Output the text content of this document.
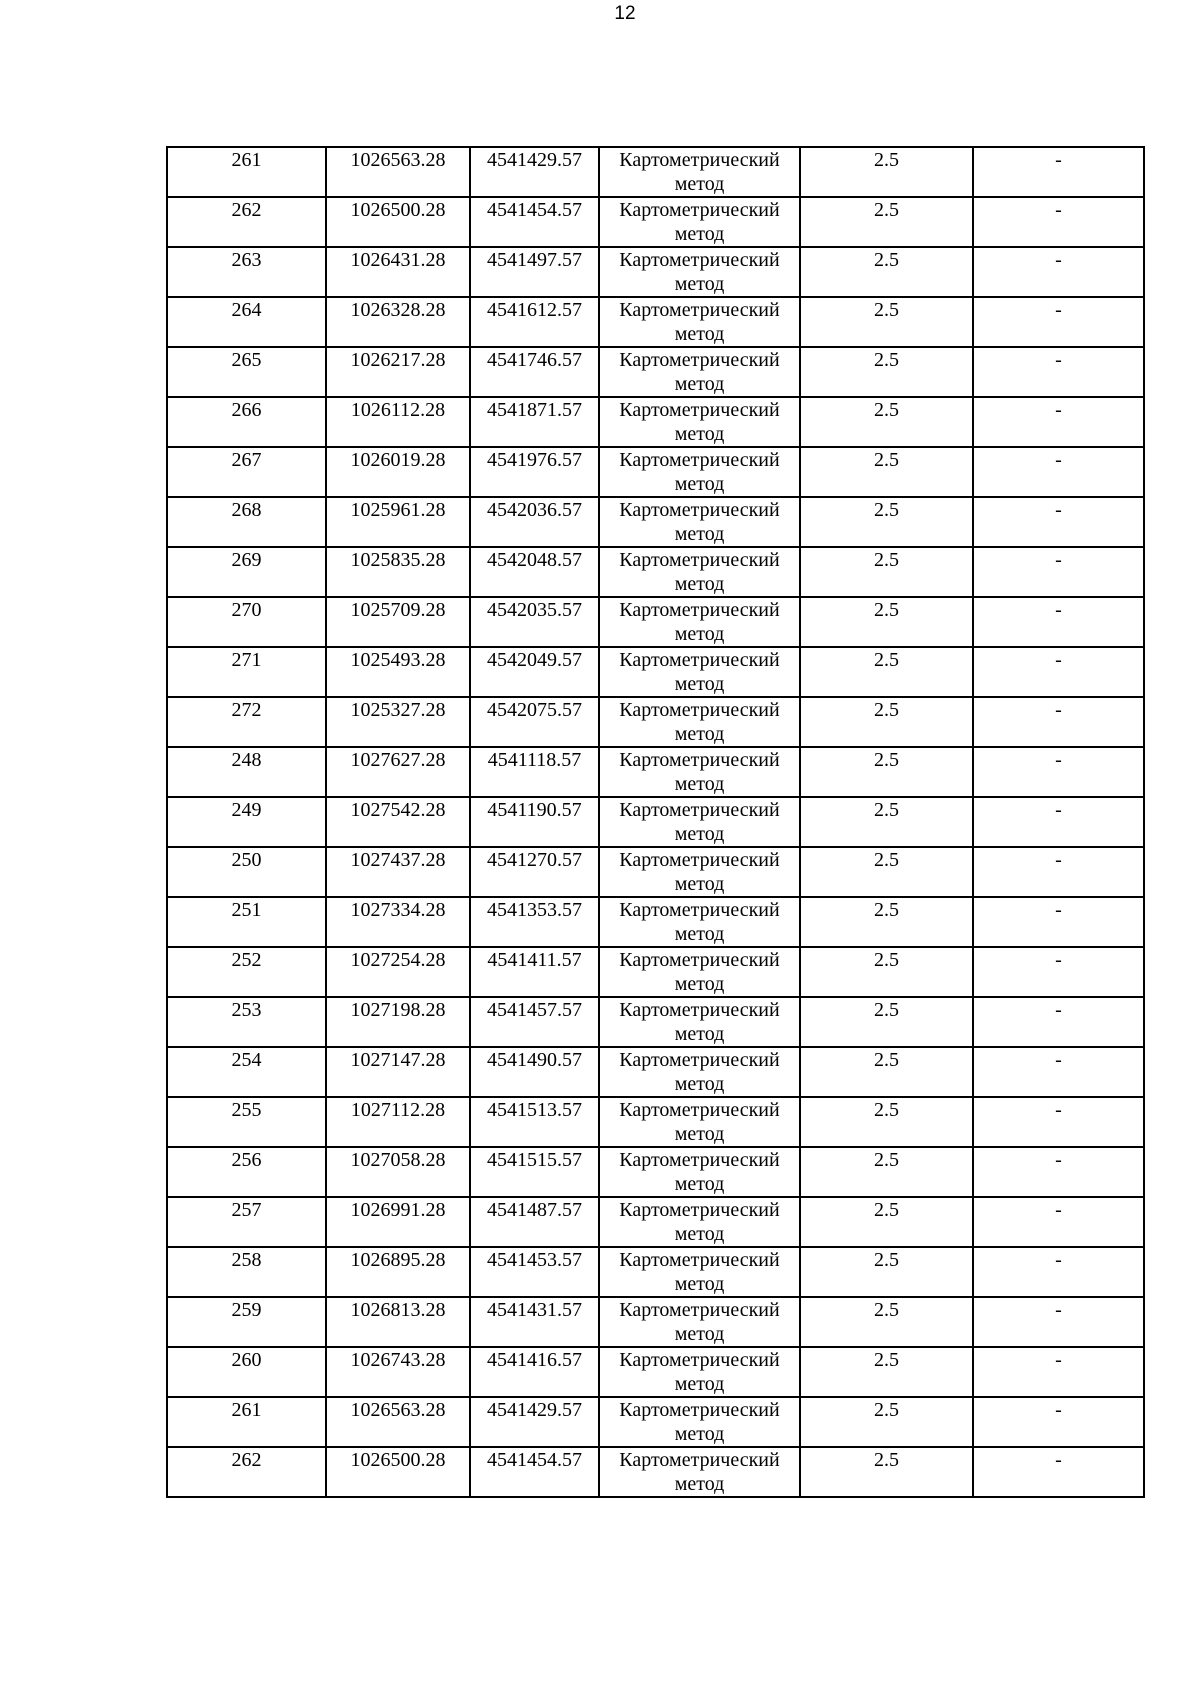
12
261	1026563.28	4541429.57	Картометрический
метод	2.5	-
262	1026500.28	4541454.57	Картометрический
метод	2.5	-
263	1026431.28	4541497.57	Картометрический
метод	2.5	-
264	1026328.28	4541612.57	Картометрический
метод	2.5	-
265	1026217.28	4541746.57	Картометрический
метод	2.5	-
266	1026112.28	4541871.57	Картометрический
метод	2.5	-
267	1026019.28	4541976.57	Картометрический
метод	2.5	-
268	1025961.28	4542036.57	Картометрический
метод	2.5	-
269	1025835.28	4542048.57	Картометрический
метод	2.5	-
270	1025709.28	4542035.57	Картометрический
метод	2.5	-
271	1025493.28	4542049.57	Картометрический
метод	2.5	-
272	1025327.28	4542075.57	Картометрический
метод	2.5	-
248	1027627.28	4541118.57	Картометрический
метод	2.5	-
249	1027542.28	4541190.57	Картометрический
метод	2.5	-
250	1027437.28	4541270.57	Картометрический
метод	2.5	-
251	1027334.28	4541353.57	Картометрический
метод	2.5	-
252	1027254.28	4541411.57	Картометрический
метод	2.5	-
253	1027198.28	4541457.57	Картометрический
метод	2.5	-
254	1027147.28	4541490.57	Картометрический
метод	2.5	-
255	1027112.28	4541513.57	Картометрический
метод	2.5	-
256	1027058.28	4541515.57	Картометрический
метод	2.5	-
257	1026991.28	4541487.57	Картометрический
метод	2.5	-
258	1026895.28	4541453.57	Картометрический
метод	2.5	-
259	1026813.28	4541431.57	Картометрический
метод	2.5	-
260	1026743.28	4541416.57	Картометрический
метод	2.5	-
261	1026563.28	4541429.57	Картометрический
метод	2.5	-
262	1026500.28	4541454.57	Картометрический
метод	2.5	-
